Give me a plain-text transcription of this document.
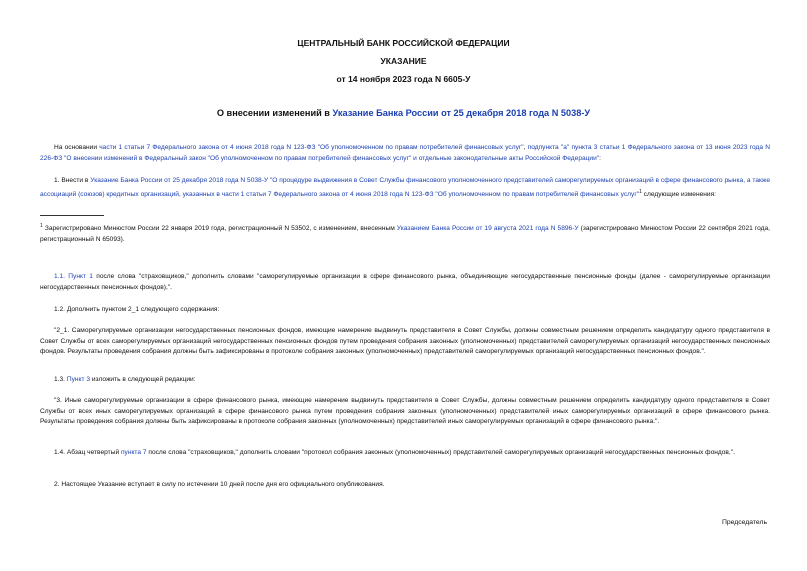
ЦЕНТРАЛЬНЫЙ БАНК РОССИЙСКОЙ ФЕДЕРАЦИИ
УКАЗАНИЕ
от 14 ноября 2023 года N 6605-У
О внесении изменений в Указание Банка России от 25 декабря 2018 года N 5038-У
На основании части 1 статьи 7 Федерального закона от 4 июня 2018 года N 123-ФЗ "Об уполномоченном по правам потребителей финансовых услуг", подпункта "а" пункта 3 статьи 1 Федерального закона от 13 июня 2023 года N 226-ФЗ "О внесении изменений в Федеральный закон "Об уполномоченном по правам потребителей финансовых услуг" и отдельные законодательные акты Российской Федерации":
1. Внести в Указание Банка России от 25 декабря 2018 года N 5038-У "О процедуре выдвижения в Совет Службы финансового уполномоченного представителей саморегулируемых организаций в сфере финансового рынка, а также ассоциаций (союзов) кредитных организаций, указанных в части 1 статьи 7 Федерального закона от 4 июня 2018 года N 123-ФЗ "Об уполномоченном по правам потребителей финансовых услуг"$^1$ следующие изменения:
$^1$ Зарегистрировано Минюстом России 22 января 2019 года, регистрационный N 53502, с изменением, внесенным Указанием Банка России от 19 августа 2021 года N 5896-У (зарегистрировано Минюстом России 22 сентября 2021 года, регистрационный N 65093).
1.1. Пункт 1 после слова "страховщиков," дополнить словами "саморегулируемые организации в сфере финансового рынка, объединяющие негосударственные пенсионные фонды (далее - саморегулируемые организации негосударственных пенсионных фондов),".
1.2. Дополнить пунктом 2_1 следующего содержания:
"2_1. Саморегулируемые организации негосударственных пенсионных фондов, имеющие намерение выдвинуть представителя в Совет Службы, должны совместным решением определить кандидатуру одного представителя в Совет Службы от всех саморегулируемых организаций негосударственных пенсионных фондов путем проведения собрания законных (уполномоченных) представителей саморегулируемых организаций негосударственных пенсионных фондов. Результаты проведения собрания должны быть зафиксированы в протоколе собрания законных (уполномоченных) представителей саморегулируемых организаций негосударственных пенсионных фондов.".
1.3. Пункт 3 изложить в следующей редакции:
"3. Иные саморегулируемые организации в сфере финансового рынка, имеющие намерение выдвинуть представителя в Совет Службы, должны совместным решением определить кандидатуру одного представителя в Совет Службы от всех иных саморегулируемых организаций в сфере финансового рынка путем проведения собрания законных (уполномоченных) представителей иных саморегулируемых организаций в сфере финансового рынка. Результаты проведения собрания должны быть зафиксированы в протоколе собрания законных (уполномоченных) представителей иных саморегулируемых организаций в сфере финансового рынка.".
1.4. Абзац четвертый пункта 7 после слова "страховщиков," дополнить словами "протокол собрания законных (уполномоченных) представителей саморегулируемых организаций негосударственных пенсионных фондов,".
2. Настоящее Указание вступает в силу по истечении 10 дней после дня его официального опубликования.
Председатель
